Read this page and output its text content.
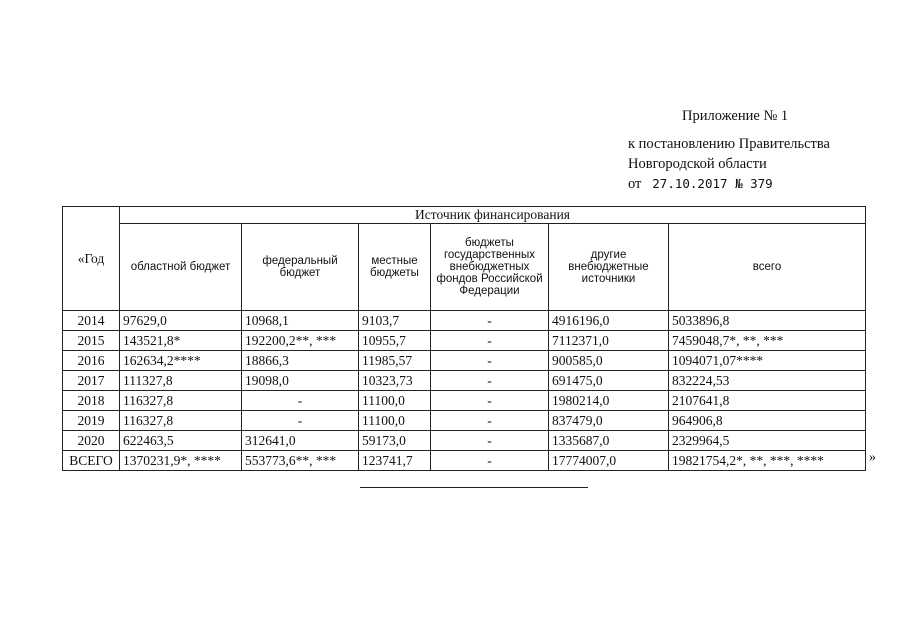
Приложение № 1
к постановлению Правительства
Новгородской области
от 27.10.2017 № 379
«Год	Источник финансирования					
	областной бюджет	федеральный бюджет	местные бюджеты	бюджеты государственных внебюджетных фондов Российской Федерации	другие внебюджетные источники	всего
2014	97629,0	10968,1	9103,7	-	4916196,0	5033896,8
2015	143521,8*	192200,2**, ***	10955,7	-	7112371,0	7459048,7*, **, ***
2016	162634,2****	18866,3	11985,57	-	900585,0	1094071,07****
2017	111327,8	19098,0	10323,73	-	691475,0	832224,53
2018	116327,8	-	11100,0	-	1980214,0	2107641,8
2019	116327,8	-	11100,0	-	837479,0	964906,8
2020	622463,5	312641,0	59173,0	-	1335687,0	2329964,5
ВСЕГО	1370231,9*, ****	553773,6**, ***	123741,7	-	17774007,0	19821754,2*, **, ***, ****	»
